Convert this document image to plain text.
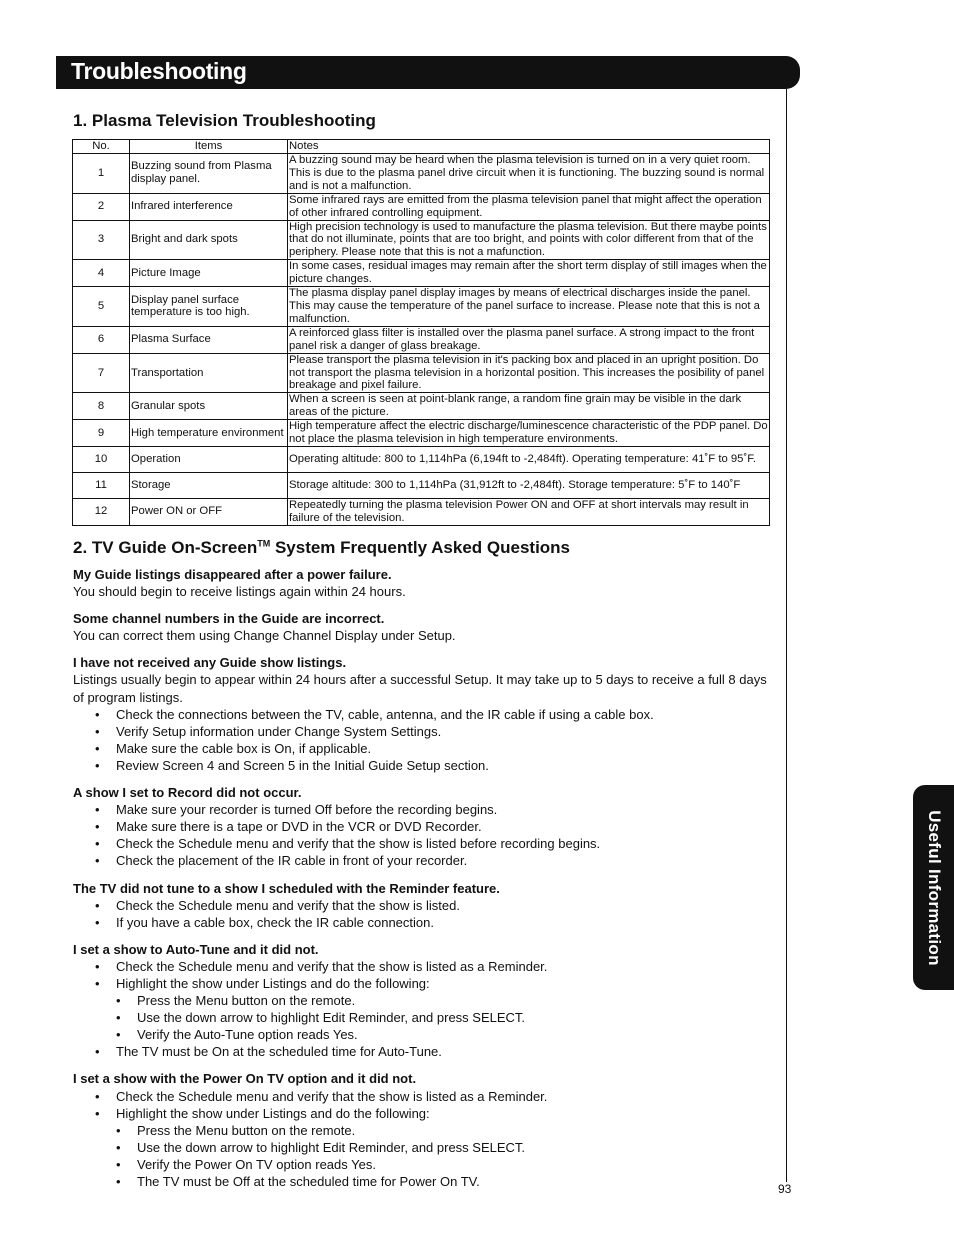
Troubleshooting
Useful Information
93
1. Plasma Television Troubleshooting
No.	Items	Notes
1	Buzzing sound from Plasma display panel.	A buzzing sound may be heard when the plasma television is turned on in a very quiet room. This is due to the plasma panel drive circuit when it is functioning. The buzzing sound is normal and is not a malfunction.
2	Infrared interference	Some infrared rays are emitted from the plasma television panel that might affect the operation of other infrared controlling equipment.
3	Bright and dark spots	High precision technology is used to manufacture the plasma television. But there maybe points that do not illuminate, points that are too bright, and points with color different from that of the periphery. Please note that this is not a mafunction.
4	Picture Image	In some cases, residual images may remain after the short term display of still images when the picture changes.
5	Display panel surface temperature is too high.	The plasma display panel display images by means of electrical discharges inside the panel. This may cause the temperature of the panel surface to increase. Please note that this is not a malfunction.
6	Plasma Surface	A reinforced glass filter is installed over the plasma panel surface. A strong impact to the front panel risk a danger of glass breakage.
7	Transportation	Please transport the plasma television in it's packing box and placed in an upright position. Do not transport the plasma television in a horizontal position. This increases the posibility of panel breakage and pixel failure.
8	Granular spots	When a screen is seen at point-blank range, a random fine grain may be visible in the dark areas of the picture.
9	High temperature environment	High temperature affect the electric discharge/luminescence characteristic of the PDP panel. Do not place the plasma television in high temperature environments.
10	Operation	Operating altitude: 800 to 1,114hPa (6,194ft to -2,484ft). Operating temperature: 41˚F to 95˚F.
11	Storage	Storage altitude: 300 to 1,114hPa (31,912ft to -2,484ft). Storage temperature: 5˚F to 140˚F
12	Power ON or OFF	Repeatedly turning the plasma television Power ON and OFF at short intervals may result in failure of the television.
2. TV Guide On-Screen™ System Frequently Asked Questions

My Guide listings disappeared after a power failure.

You should begin to receive listings again within 24 hours.

Some channel numbers in the Guide are incorrect.

You can correct them using Change Channel Display under Setup.

I have not received any Guide show listings.

Listings usually begin to appear within 24 hours after a successful Setup. It may take up to 5 days to receive a full 8 days of program listings.

• Check the connections between the TV, cable, antenna, and the IR cable if using a cable box.
• Verify Setup information under Change System Settings.
• Make sure the cable box is On, if applicable.
• Review Screen 4 and Screen 5 in the Initial Guide Setup section.

A show I set to Record did not occur.

• Make sure your recorder is turned Off before the recording begins.
• Make sure there is a tape or DVD in the VCR or DVD Recorder.
• Check the Schedule menu and verify that the show is listed before recording begins.
• Check the placement of the IR cable in front of your recorder.

The TV did not tune to a show I scheduled with the Reminder feature.

• Check the Schedule menu and verify that the show is listed.
• If you have a cable box, check the IR cable connection.

I set a show to Auto-Tune and it did not.

• Check the Schedule menu and verify that the show is listed as a Reminder.
• Highlight the show under Listings and do the following:
• Press the Menu button on the remote.
• Use the down arrow to highlight Edit Reminder, and press SELECT.
• Verify the Auto-Tune option reads Yes.
• The TV must be On at the scheduled time for Auto-Tune.

I set a show with the Power On TV option and it did not.

• Check the Schedule menu and verify that the show is listed as a Reminder.
• Highlight the show under Listings and do the following:
• Press the Menu button on the remote.
• Use the down arrow to highlight Edit Reminder, and press SELECT.
• Verify the Power On TV option reads Yes.
• The TV must be Off at the scheduled time for Power On TV.
